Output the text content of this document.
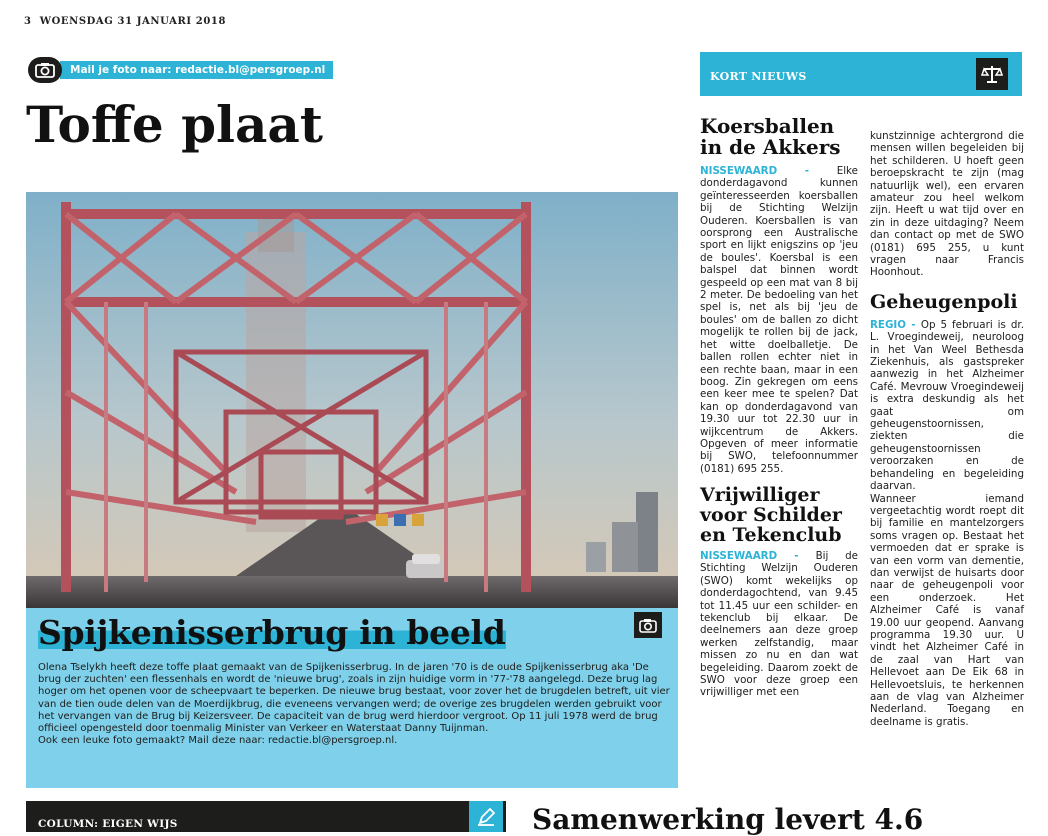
3 WOENSDAG 31 JANUARI 2018
Mail je foto naar: redactie.bl@persgroep.nl
Toffe plaat
Spijkenisserbrug in beeld

Olena Tselykh heeft deze toffe plaat gemaakt van de Spijkenisserbrug. In de jaren '70 is de oude Spijkenisserbrug aka 'De brug der zuchten' een flessenhals en wordt de 'nieuwe brug', zoals in zijn huidige vorm in '77-'78 aangelegd. Deze brug lag hoger om het openen voor de scheepvaart te beperken. De nieuwe brug bestaat, voor zover het de brugdelen betreft, uit vier van de tien oude delen van de Moerdijkbrug, die eveneens vervangen werd; de overige zes brugdelen werden gebruikt voor het vervangen van de Brug bij Keizersveer. De capaciteit van de brug werd hierdoor vergroot. Op 11 juli 1978 werd de brug officieel opengesteld door toenmalig Minister van Verkeer en Waterstaat Danny Tuijnman.

Ook een leuke foto gemaakt? Mail deze naar: redactie.bl@persgroep.nl.

KORT NIEUWS
Koersballen in de Akkers

NISSEWAARD - Elke donderdagavond kunnen geïnteresseerden koersballen bij de Stichting Welzijn Ouderen. Koersballen is van oorsprong een Australische sport en lijkt enigszins op 'jeu de boules'. Koersbal is een balspel dat binnen wordt gespeeld op een mat van 8 bij 2 meter. De bedoeling van het spel is, net als bij 'jeu de boules' om de ballen zo dicht mogelijk te rollen bij de jack, het witte doelballetje. De ballen rollen echter niet in een rechte baan, maar in een boog. Zin gekregen om eens een keer mee te spelen? Dat kan op donderdagavond van 19.30 uur tot 22.30 uur in wijkcentrum de Akkers. Opgeven of meer informatie bij SWO, telefoonnummer (0181) 695 255.

Vrijwilliger voor Schilder en Tekenclub

NISSEWAARD - Bij de Stichting Welzijn Ouderen (SWO) komt wekelijks op donderdagochtend, van 9.45 tot 11.45 uur een schilder- en tekenclub bij elkaar. De deelnemers aan deze groep werken zelfstandig, maar missen zo nu en dan wat begeleiding. Daarom zoekt de SWO voor deze groep een vrijwilliger met een

kunstzinnige achtergrond die mensen willen begeleiden bij het schilderen. U hoeft geen beroepskracht te zijn (mag natuurlijk wel), een ervaren amateur zou heel welkom zijn. Heeft u wat tijd over en zin in deze uitdaging? Neem dan contact op met de SWO (0181) 695 255, u kunt vragen naar Francis Hoonhout.

Geheugenpoli

REGIO - Op 5 februari is dr. L. Vroegindeweij, neuroloog in het Van Weel Bethesda Ziekenhuis, als gastspreker aanwezig in het Alzheimer Café. Mevrouw Vroegindeweij is extra deskundig als het gaat om geheugenstoornissen, ziekten die geheugenstoornissen veroorzaken en de behandeling en begeleiding daarvan.

Wanneer iemand vergeetachtig wordt roept dit bij familie en mantelzorgers soms vragen op. Bestaat het vermoeden dat er sprake is van een vorm van dementie, dan verwijst de huisarts door naar de geheugenpoli voor een onderzoek. Het Alzheimer Café is vanaf 19.00 uur geopend. Aanvang programma 19.30 uur. U vindt het Alzheimer Café in de zaal van Hart van Hellevoet aan De Eik 68 in Hellevoetsluis, te herkennen aan de vlag van Alzheimer Nederland. Toegang en deelname is gratis.

COLUMN: EIGEN WIJS	Samenwerking levert 4.6
